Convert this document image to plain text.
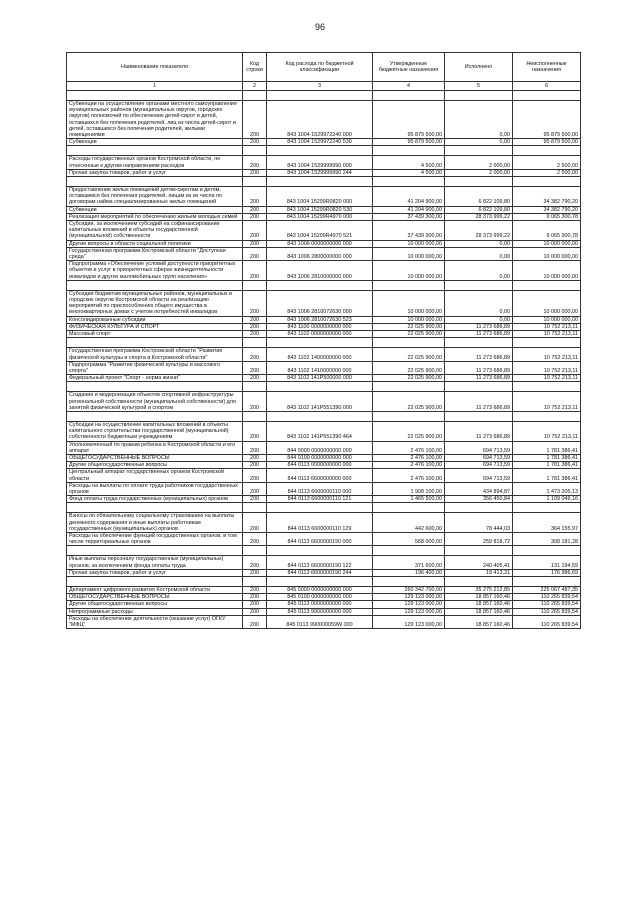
96
Наименование показателя	Код строки	Код расхода по бюджетной классификации	Утвержденные бюджетные назначения	Исполнено	Неисполненные назначения
1	2	3	4	5	6

Субвенции на осуществление органами местного самоуправления муниципальных районов (муниципальных округов, городских округов) полномочий по обеспечению детей-сирот и детей, оставшихся без попечения родителей, лиц из числа детей-сирот и детей, оставшихся без попечения родителей, жилыми помещениями	200	843 1004 1529972240 000	95 879 500,00	0,00	95 879 500,00
Субвенции	200	843 1004 1529972240 530	95 879 500,00	0,00	95 879 500,00

Расходы государственных органов Костромской области, не отнесенные к другим направлениям расходов	200	843 1004 1529999990 000	4 500,00	2 000,00	2 500,00
Прочая закупка товаров, работ и услуг	200	843 1004 1529999990 244	4 500,00	2 000,00	2 500,00

Предоставление жилых помещений детям-сиротам и детям, оставшимся без попечения родителей, лицам из их числа по договорам найма специализированных жилых помещений	200	843 1004 15299R0820 000	41 204 900,00	6 822 109,80	34 382 790,20
Субвенции	200	843 1004 15299R0820 530	41 204 900,00	6 822 109,80	34 382 790,20
Реализация мероприятий по обеспечению жильем молодых семей	200	843 1004 15299R4970 000	37 439 300,00	28 373 999,22	9 065 300,78
Субсидии, за исключением субсидий на софинансирование капитальных вложений в объекты государственной (муниципальной) собственности	200	843 1004 15299R4970 521	37 439 300,00	28 373 999,22	9 065 300,78
Другие вопросы в области социальной политики	200	843 1006 0000000000 000	10 000 000,00	0,00	10 000 000,00
Государственная программа Костромской области "Доступная среда"	200	843 1006 2800000000 000	10 000 000,00	0,00	10 000 000,00
Подпрограмма «Обеспечение условий доступности приоритетных объектов и услуг в приоритетных сферах жизнедеятельности инвалидов и других маломобильных групп населения»	200	843 1006 2810000000 000	10 000 000,00	0,00	10 000 000,00

Субсидии бюджетам муниципальных районов, муниципальных и городских округов Костромской области на реализацию мероприятий по приспособлению общего имущества в многоквартирных домах с учетом потребностей инвалидов	200	843 1006 2810072630 000	10 000 000,00	0,00	10 000 000,00
Консолидированные субсидии	200	843 1006 2810072630 523	10 000 000,00	0,00	10 000 000,00
ФИЗИЧЕСКАЯ КУЛЬТУРА И СПОРТ	200	843 1100 0000000000 000	22 025 900,00	11 273 686,89	10 752 213,11
Массовый спорт	200	843 1102 0000000000 000	22 025 900,00	11 273 686,89	10 752 213,11

Государственная программа Костромской области "Развитие физической культуры и спорта в Костромской области"	200	843 1102 1400000000 000	22 025 900,00	11 273 686,89	10 752 213,11
Подпрограмма "Развитие физической культуры и массового спорта"	200	843 1102 1410000000 000	22 025 900,00	11 273 686,89	10 752 213,11
Федеральный проект "Спорт - норма жизни"	200	843 1102 141P500000 000	22 025 900,00	11 273 686,89	10 752 213,11

Создание и модернизация объектов спортивной инфраструктуры региональной собственности (муниципальной собственности) для занятий физической культурой и спортом	200	843 1102 141P551390 000	22 025 900,00	11 273 686,89	10 752 213,11

Субсидии на осуществление капитальных вложений в объекты капитального строительства государственной (муниципальной) собственности бюджетным учреждениям	200	843 1102 141P551390 464	22 025 900,00	11 273 686,89	10 752 213,11
Уполномоченный по правам ребенка в Костромской области и его аппарат	200	844 0000 0000000000 000	2 476 100,00	694 713,59	1 781 386,41
ОБЩЕГОСУДАРСТВЕННЫЕ ВОПРОСЫ	200	844 0100 0000000000 000	2 476 100,00	694 713,59	1 781 386,41
Другие общегосударственные вопросы	200	844 0113 0000000000 000	2 476 100,00	694 713,59	1 781 386,41
Центральный аппарат государственных органов Костромской области	200	844 0113 6600000000 000	2 476 100,00	694 713,59	1 781 386,41
Расходы на выплаты по оплате труда работников государственных органов	200	844 0113 6600000110 000	1 908 100,00	434 894,87	1 473 205,13
Фонд оплаты труда государственных (муниципальных) органов	200	844 0113 6600000110 121	1 465 500,00	356 450,84	1 109 049,16

Взносы по обязательному социальному страхованию на выплаты денежного содержания и иные выплаты работникам государственных (муниципальных) органов	200	844 0113 6600000110 129	442 600,00	78 444,03	364 155,97
Расходы на обеспечение функций государственных органов, в том числе территориальных органов	200	844 0113 6600000190 000	568 000,00	259 818,72	308 181,28

Иные выплаты персоналу государственных (муниципальных) органов, за исключением фонда оплаты труда	200	844 0113 6600000190 122	371 600,00	240 405,41	131 194,59
Прочая закупка товаров, работ и услуг	200	844 0113 6600000190 244	196 400,00	19 413,31	176 986,69

Департамент цифрового развития Костромской области	200	845 0000 0000000000 000	260 342 700,00	35 275 212,85	225 067 487,35
ОБЩЕГОСУДАРСТВЕННЫЕ ВОПРОСЫ	200	845 0100 0000000000 000	129 123 000,00	18 857 160,46	110 265 839,54
Другие общегосударственные вопросы	200	845 0113 0000000000 000	129 123 000,00	18 857 160,46	110 265 839,54
Непрограммные расходы	200	845 0113 9900000000 000	129 123 000,00	18 857 160,46	110 265 839,54
Расходы на обеспечение деятельности (оказание услуг) ОГКУ "МФЦ"	200	845 0113 990000059W 000	129 123 000,00	18 857 160,46	110 265 839,54
